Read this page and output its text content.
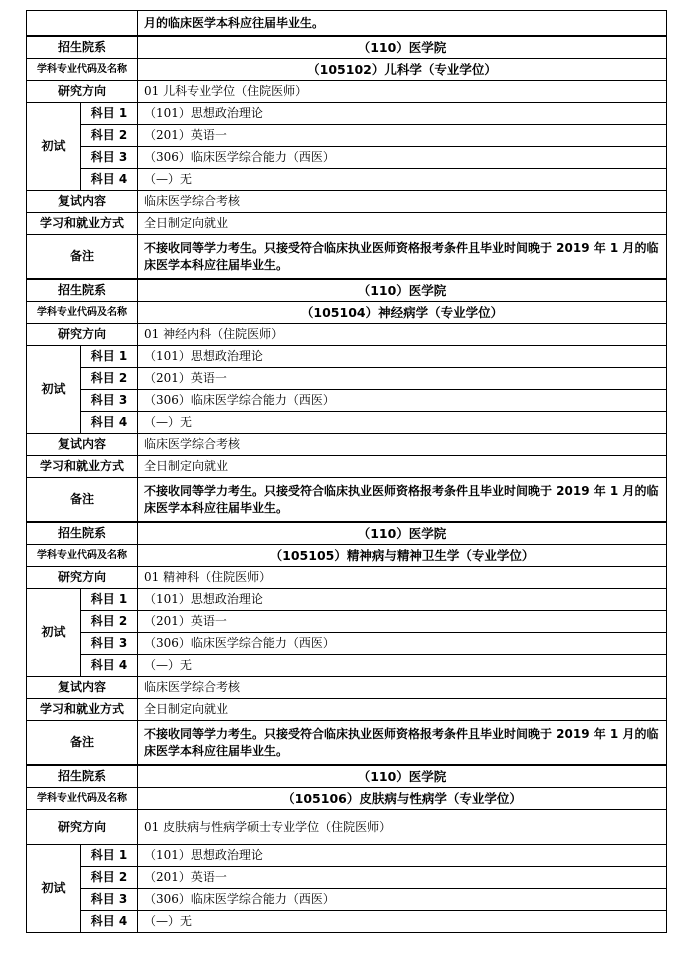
		月的临床医学本科应往届毕业生。
招生院系		（110）医学院
学科专业代码及名称		（105102）儿科学（专业学位）
研究方向		01 儿科专业学位（住院医师）
初试	科目 1	（101）思想政治理论
	科目 2	（201）英语一
	科目 3	（306）临床医学综合能力（西医）
	科目 4	（—）无
复试内容		临床医学综合考核
学习和就业方式		全日制定向就业
备注		不接收同等学力考生。只接受符合临床执业医师资格报考条件且毕业时间晚于 2019 年 1 月的临床医学本科应往届毕业生。
招生院系		（110）医学院
学科专业代码及名称		（105104）神经病学（专业学位）
研究方向		01 神经内科（住院医师）
初试	科目 1	（101）思想政治理论
	科目 2	（201）英语一
	科目 3	（306）临床医学综合能力（西医）
	科目 4	（—）无
复试内容		临床医学综合考核
学习和就业方式		全日制定向就业
备注		不接收同等学力考生。只接受符合临床执业医师资格报考条件且毕业时间晚于 2019 年 1 月的临床医学本科应往届毕业生。
招生院系		（110）医学院
学科专业代码及名称		（105105）精神病与精神卫生学（专业学位）
研究方向		01 精神科（住院医师）
初试	科目 1	（101）思想政治理论
	科目 2	（201）英语一
	科目 3	（306）临床医学综合能力（西医）
	科目 4	（—）无
复试内容		临床医学综合考核
学习和就业方式		全日制定向就业
备注		不接收同等学力考生。只接受符合临床执业医师资格报考条件且毕业时间晚于 2019 年 1 月的临床医学本科应往届毕业生。
招生院系		（110）医学院
学科专业代码及名称		（105106）皮肤病与性病学（专业学位）
研究方向		01 皮肤病与性病学硕士专业学位（住院医师）
初试	科目 1	（101）思想政治理论
	科目 2	（201）英语一
	科目 3	（306）临床医学综合能力（西医）
	科目 4	（—）无
